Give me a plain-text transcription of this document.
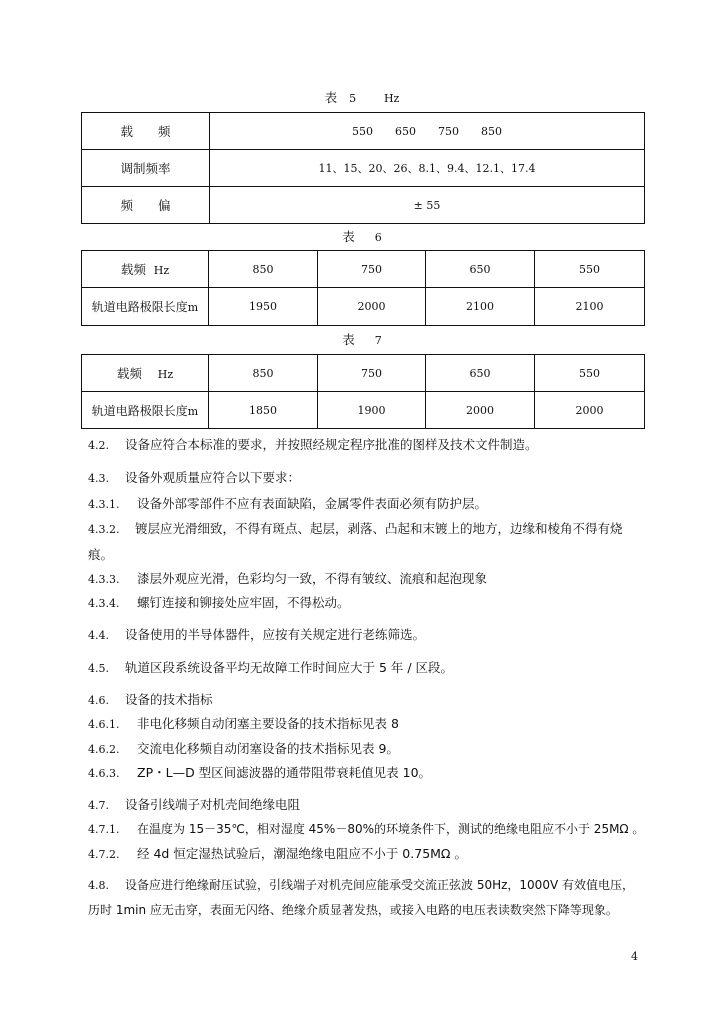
表 5	Hz
载　　频	550　　650　　750　　850
调制频率	11、15、20、26、8.1、9.4、12.1、17.4
频　　偏	± 55
表 6
载频 Hz	850	750	650	550
轨道电路极限长度m	1950	2000	2100	2100
表 7
载频 Hz	850	750	650	550
轨道电路极限长度m	1850	1900	2000	2000
4.2. 设备应符合本标准的要求，并按照经规定程序批准的图样及技术文件制造。
4.3. 设备外观质量应符合以下要求：
4.3.1. 设备外部零部件不应有表面缺陷，金属零件表面必须有防护层。
4.3.2. 镀层应光滑细致，不得有斑点、起层，剥落、凸起和末镀上的地方，边缘和棱角不得有烧痕。
4.3.3. 漆层外观应光滑，色彩均匀一致，不得有皱纹、流痕和起泡现象
4.3.4. 螺钉连接和铆接处应牢固，不得松动。
4.4. 设备使用的半导体器件，应按有关规定进行老练筛选。
4.5. 轨道区段系统设备平均无故障工作时间应大于 5 年 / 区段。
4.6. 设备的技术指标
4.6.1. 非电化移频自动闭塞主要设备的技术指标见表 8
4.6.2. 交流电化移频自动闭塞设备的技术指标见表 9。
4.6.3. ZP・L—D 型区间滤波器的通带阻带衰耗值见表 10。
4.7. 设备引线端子对机壳间绝缘电阻
4.7.1. 在温度为 15－35℃，相对湿度 45%－80%的环境条件下，测试的绝缘电阻应不小于 25MΩ 。
4.7.2. 经 4d 恒定湿热试验后，潮湿绝缘电阻应不小于 0.75MΩ 。
4.8. 设备应进行绝缘耐压试验，引线端子对机壳间应能承受交流正弦波 50Hz，1000V 有效值电压，历时 1min 应无击穿，表面无闪络、绝缘介质显著发热，或接入电路的电压表读数突然下降等现象。
4
